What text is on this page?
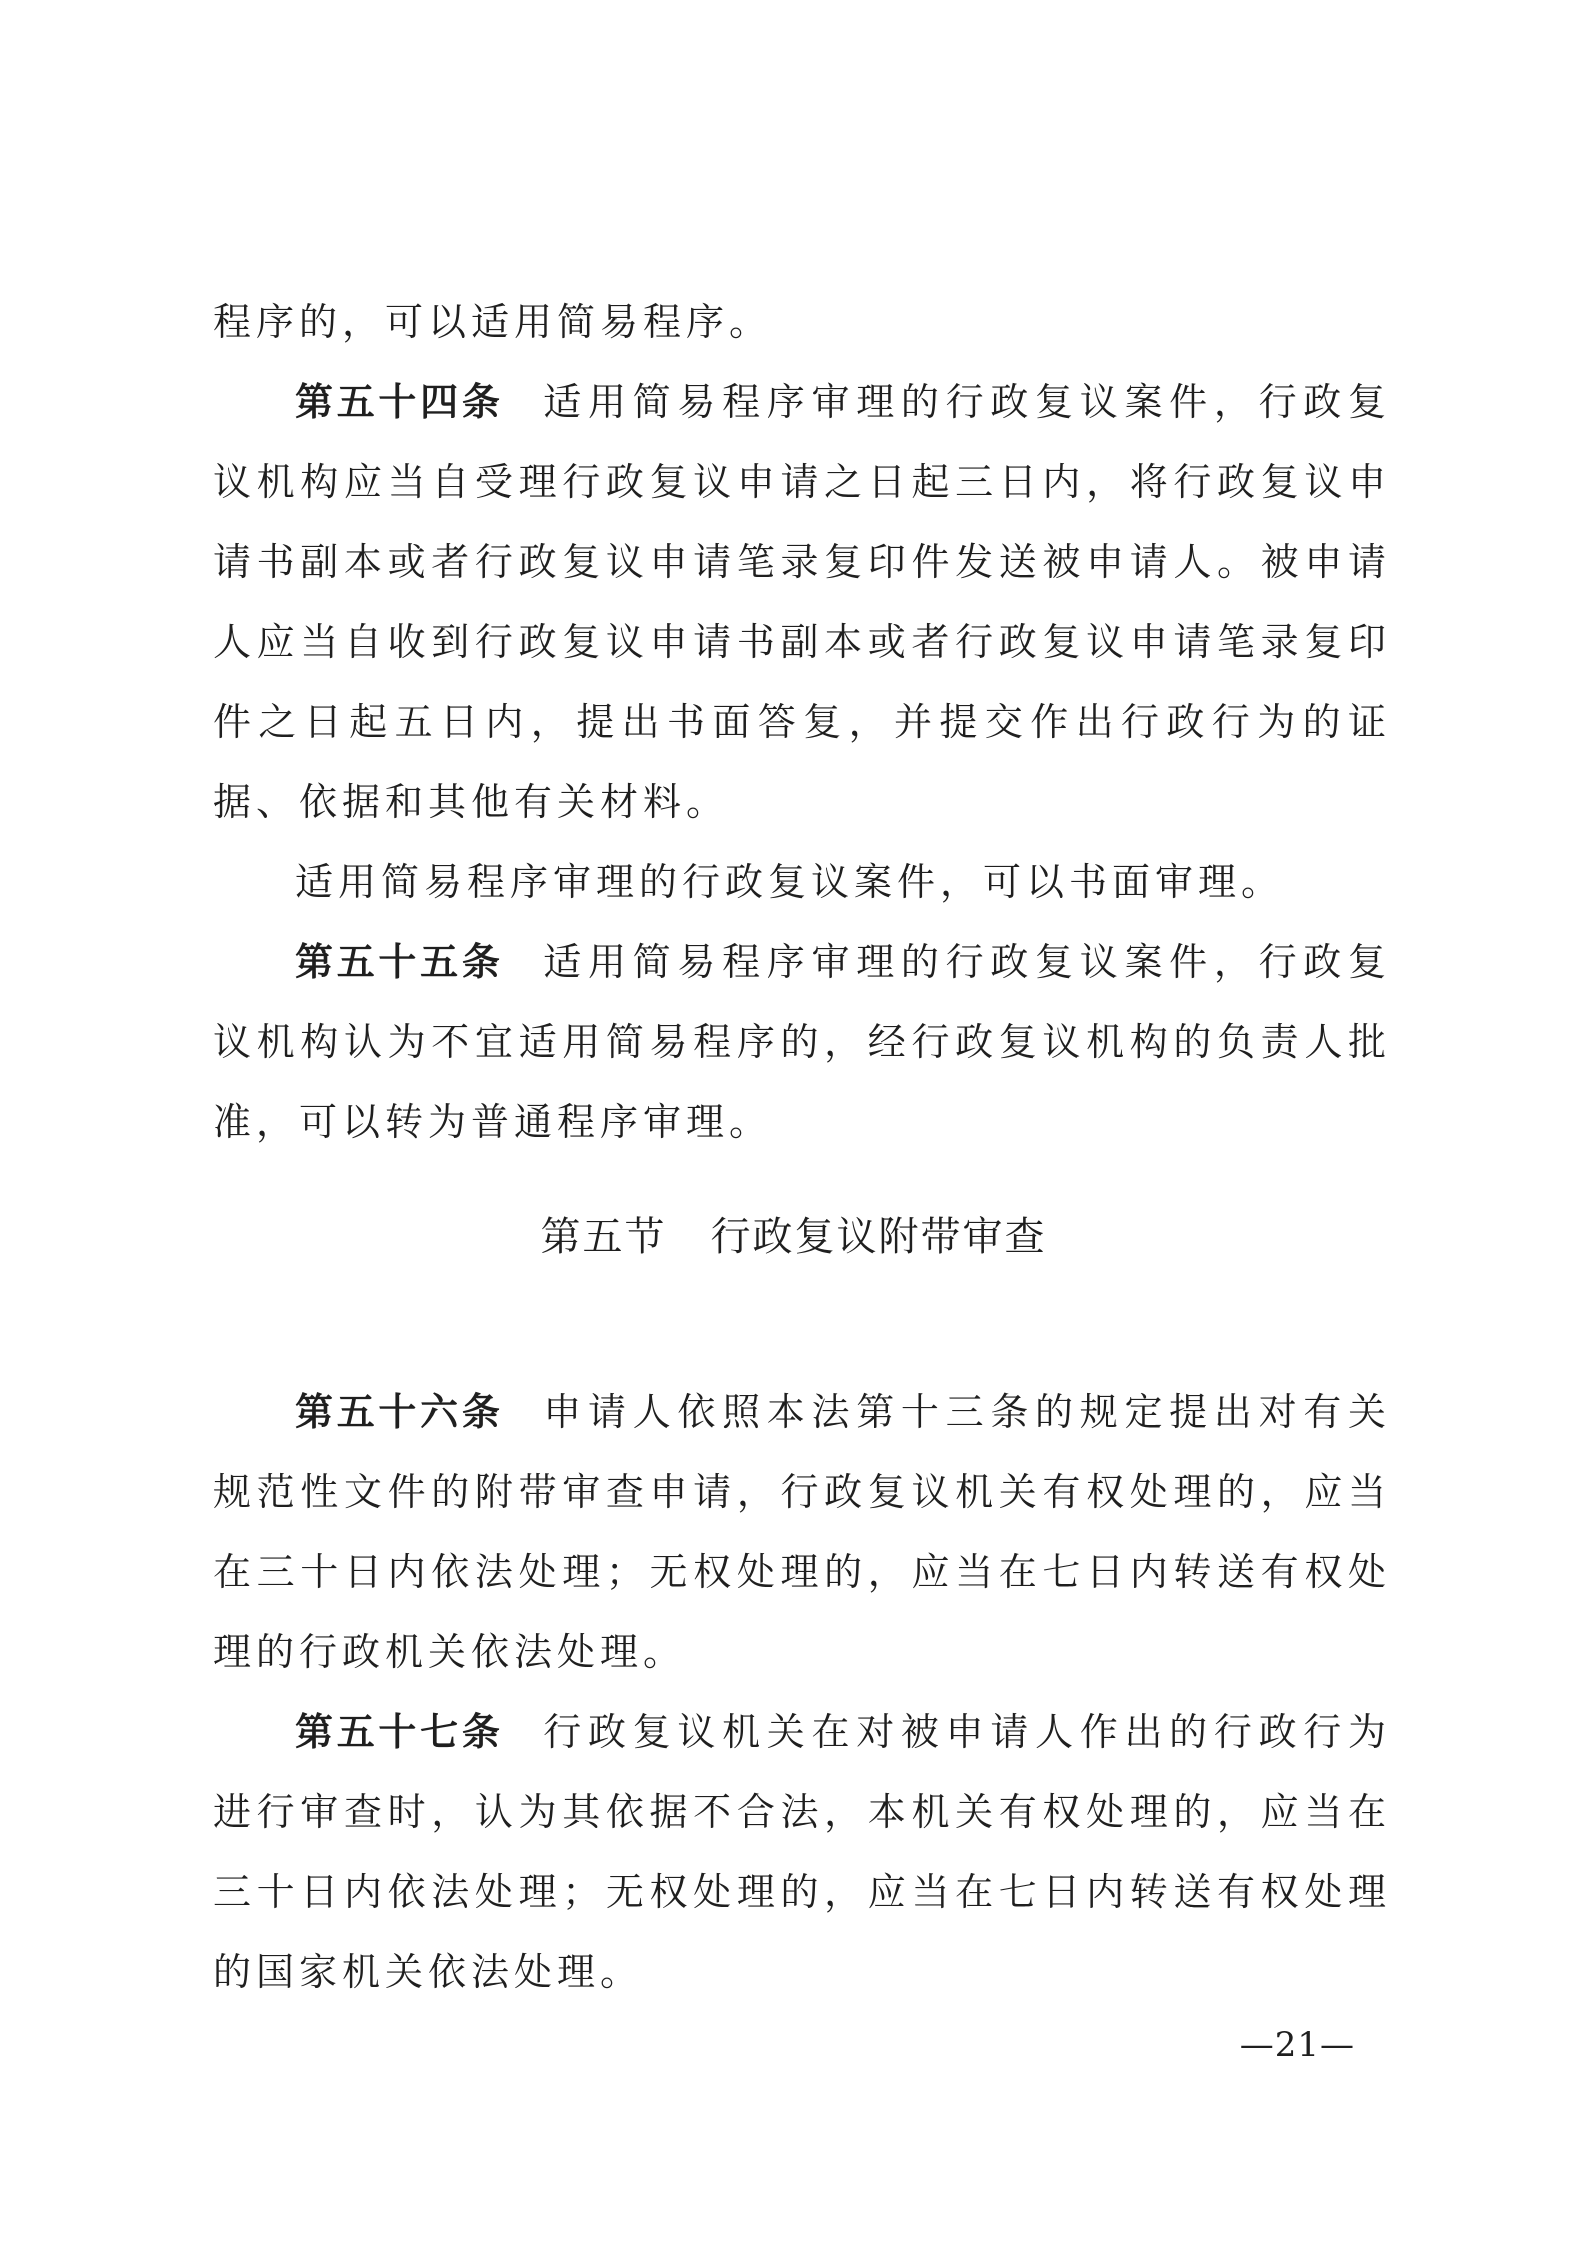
程序的，可以适用简易程序。

第五十四条 适用简易程序审理的行政复议案件，行政复议机构应当自受理行政复议申请之日起三日内，将行政复议申请书副本或者行政复议申请笔录复印件发送被申请人。被申请人应当自收到行政复议申请书副本或者行政复议申请笔录复印件之日起五日内，提出书面答复，并提交作出行政行为的证据、依据和其他有关材料。

适用简易程序审理的行政复议案件，可以书面审理。

第五十五条 适用简易程序审理的行政复议案件，行政复议机构认为不宜适用简易程序的，经行政复议机构的负责人批准，可以转为普通程序审理。

第五节 行政复议附带审查

第五十六条 申请人依照本法第十三条的规定提出对有关规范性文件的附带审查申请，行政复议机关有权处理的，应当在三十日内依法处理；无权处理的，应当在七日内转送有权处理的行政机关依法处理。

第五十七条 行政复议机关在对被申请人作出的行政行为进行审查时，认为其依据不合法，本机关有权处理的，应当在三十日内依法处理；无权处理的，应当在七日内转送有权处理的国家机关依法处理。

—21—
